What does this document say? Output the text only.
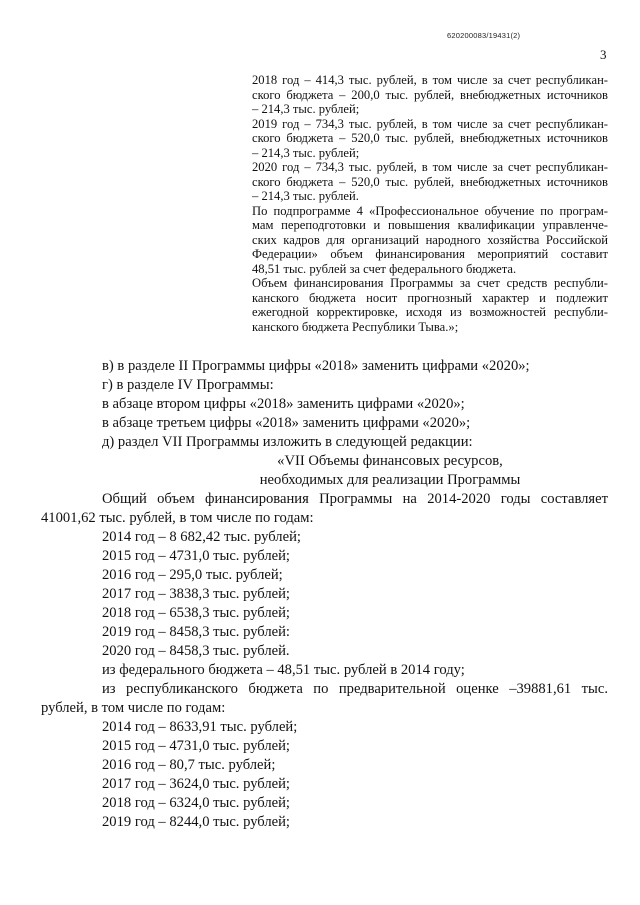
620200083/19431(2)
3
2018 год – 414,3 тыс. рублей, в том числе за счет республикан-
ского бюджета – 200,0 тыс. рублей, внебюджетных источников
– 214,3 тыс. рублей;
2019 год – 734,3 тыс. рублей, в том числе за счет республикан-
ского бюджета – 520,0 тыс. рублей, внебюджетных источников
– 214,3 тыс. рублей;
2020 год – 734,3 тыс. рублей, в том числе за счет республикан-
ского бюджета – 520,0 тыс. рублей, внебюджетных источников
– 214,3 тыс. рублей.
По подпрограмме 4 «Профессиональное обучение по програм-
мам переподготовки и повышения квалификации управленче-
ских кадров для организаций народного хозяйства Российской
Федерации» объем финансирования мероприятий составит
48,51 тыс. рублей за счет федерального бюджета.
Объем финансирования Программы за счет средств республи-
канского бюджета носит прогнозный характер и подлежит
ежегодной корректировке, исходя из возможностей республи-
канского бюджета Республики Тыва.»;
в) в разделе II Программы цифры «2018» заменить цифрами «2020»;
г) в разделе IV Программы:
в абзаце втором цифры «2018» заменить цифрами «2020»;
в абзаце третьем цифры «2018» заменить цифрами «2020»;
д) раздел VII Программы изложить в следующей редакции:
«VII Объемы финансовых ресурсов,
необходимых для реализации Программы
Общий объем финансирования Программы на 2014-2020 годы составляет
41001,62 тыс. рублей, в том числе по годам:
2014 год – 8 682,42 тыс. рублей;
2015 год – 4731,0 тыс. рублей;
2016 год – 295,0 тыс. рублей;
2017 год – 3838,3 тыс. рублей;
2018 год – 6538,3 тыс. рублей;
2019 год – 8458,3 тыс. рублей:
2020 год – 8458,3 тыс. рублей.
из федерального бюджета – 48,51 тыс. рублей в 2014 году;
из республиканского бюджета по предварительной оценке –39881,61 тыс.
рублей, в том числе по годам:
2014 год – 8633,91 тыс. рублей;
2015 год – 4731,0 тыс. рублей;
2016 год – 80,7 тыс. рублей;
2017 год – 3624,0 тыс. рублей;
2018 год – 6324,0 тыс. рублей;
2019 год – 8244,0 тыс. рублей;
